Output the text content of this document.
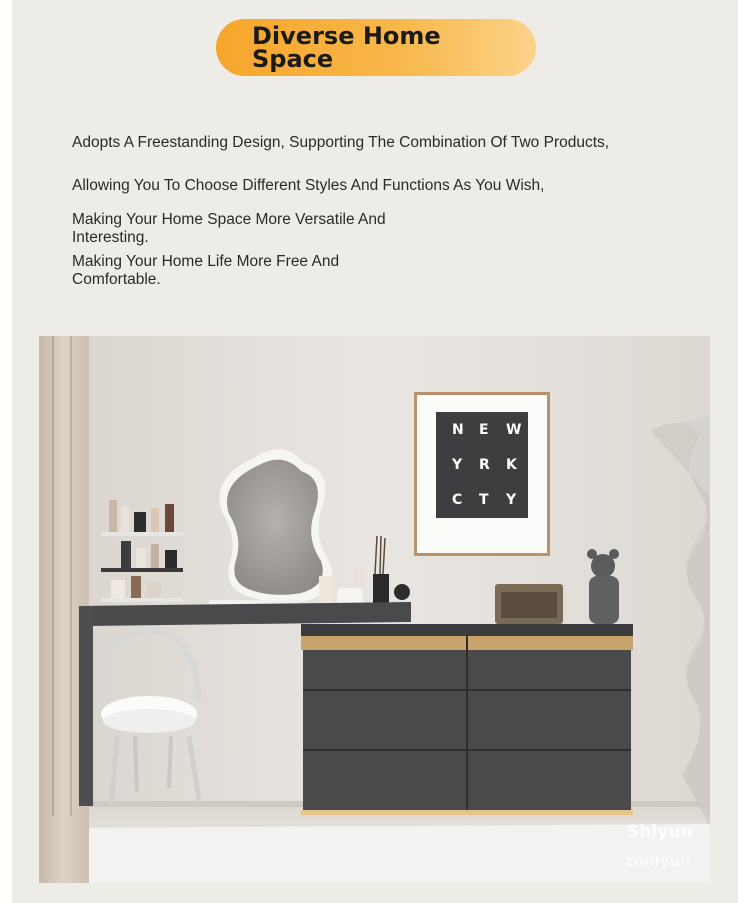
Diverse Home Space

Adopts A Freestanding Design, Supporting The Combination Of Two Products,

Allowing You To Choose Different Styles And Functions As You Wish,

Making Your Home Space More Versatile And Interesting.

Making Your Home Life More Free And Comfortable.

N E W
Y R K
C T Y
Shiyun
zonlyun
